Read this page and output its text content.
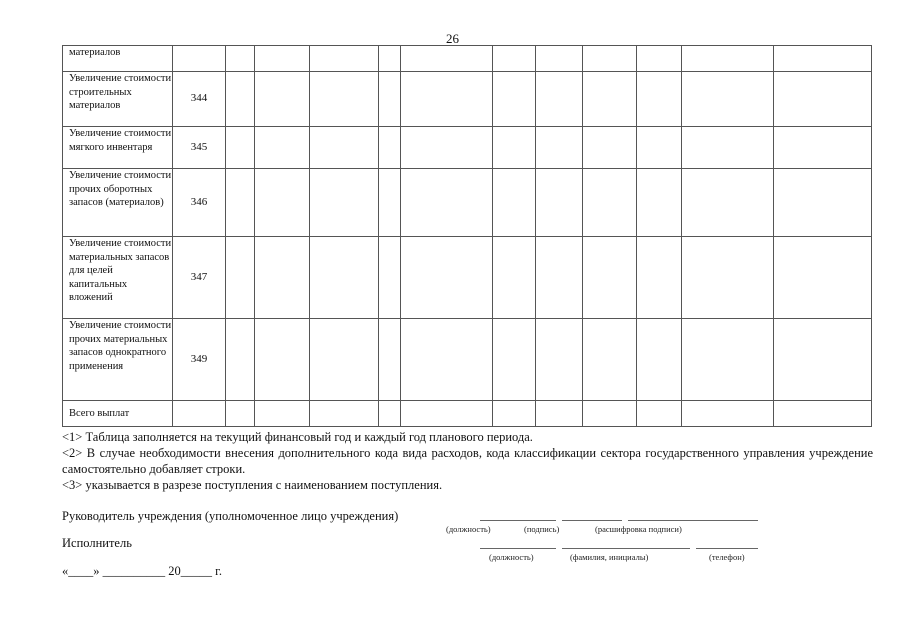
26
материалов												
Увеличение стоимости строительных материалов	344											
Увеличение стоимости мягкого инвентаря	345											
Увеличение стоимости прочих оборотных запасов (материалов)	346											
Увеличение стоимости материальных запасов для целей капитальных вложений	347											
Увеличение стоимости прочих материальных запасов однократного применения	349											
Всего выплат												

<1> Таблица заполняется на текущий финансовый год и каждый год планового периода.

<2> В случае необходимости внесения дополнительного кода вида расходов, кода классификации сектора государственного управления учреждение самостоятельно добавляет строки.

<3> указывается в разрезе поступления с наименованием поступления.

Руководитель учреждения (уполномоченное лицо учреждения)
(должность)	(подпись)	(расшифровка подписи)
Исполнитель
(должность)	(фамилия, инициалы)	(телефон)
«____» __________ 20_____ г.
